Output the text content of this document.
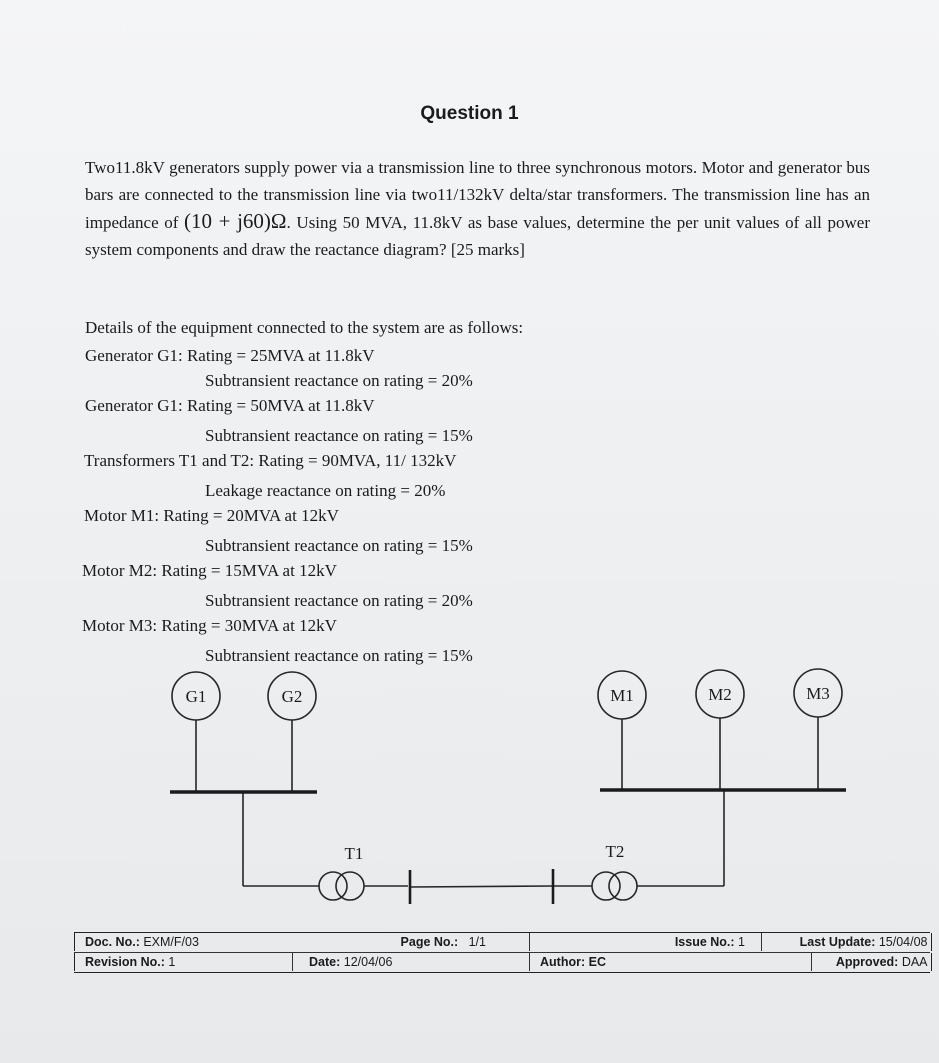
Question 1
Two11.8kV generators supply power via a transmission line to three synchronous motors. Motor and generator bus bars are connected to the transmission line via two11/132kV delta/star transformers. The transmission line has an impedance of (10 + j60)Ω. Using 50 MVA, 11.8kV as base values, determine the per unit values of all power system components and draw the reactance diagram? [25 marks]
Details of the equipment connected to the system are as follows:
Generator G1: Rating = 25MVA at 11.8kV
Subtransient reactance on rating = 20%
Generator G1: Rating = 50MVA at 11.8kV
Subtransient reactance on rating = 15%
Transformers T1 and T2: Rating = 90MVA, 11/ 132kV
Leakage reactance on rating = 20%
Motor M1: Rating = 20MVA at 12kV
Subtransient reactance on rating = 15%
Motor M2: Rating = 15MVA at 12kV
Subtransient reactance on rating = 20%
Motor M3: Rating = 30MVA at 12kV
Subtransient reactance on rating = 15%
G1	G2	M1	M2	M3
T1	T2
Doc. No.: EXM/F/03	Page No.: 1/1	Issue No.: 1	Last Update: 15/04/08
Revision No.: 1	Date: 12/04/06	Author: EC	Approved: DAA
